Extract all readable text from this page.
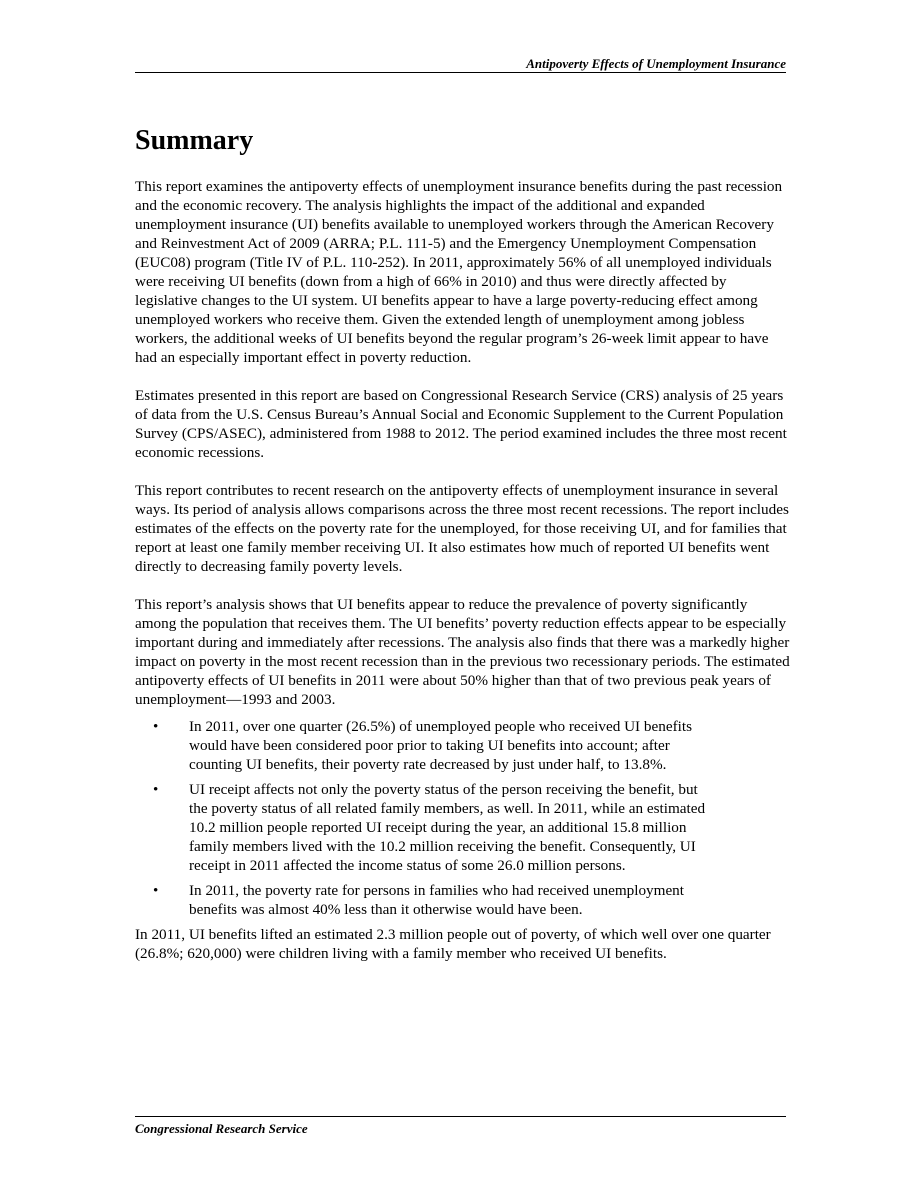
Antipoverty Effects of Unemployment Insurance
Summary

This report examines the antipoverty effects of unemployment insurance benefits during the past recession and the economic recovery. The analysis highlights the impact of the additional and expanded unemployment insurance (UI) benefits available to unemployed workers through the American Recovery and Reinvestment Act of 2009 (ARRA; P.L. 111-5) and the Emergency Unemployment Compensation (EUC08) program (Title IV of P.L. 110-252). In 2011, approximately 56% of all unemployed individuals were receiving UI benefits (down from a high of 66% in 2010) and thus were directly affected by legislative changes to the UI system. UI benefits appear to have a large poverty-reducing effect among unemployed workers who receive them. Given the extended length of unemployment among jobless workers, the additional weeks of UI benefits beyond the regular program’s 26-week limit appear to have had an especially important effect in poverty reduction.

Estimates presented in this report are based on Congressional Research Service (CRS) analysis of 25 years of data from the U.S. Census Bureau’s Annual Social and Economic Supplement to the Current Population Survey (CPS/ASEC), administered from 1988 to 2012. The period examined includes the three most recent economic recessions.

This report contributes to recent research on the antipoverty effects of unemployment insurance in several ways. Its period of analysis allows comparisons across the three most recent recessions. The report includes estimates of the effects on the poverty rate for the unemployed, for those receiving UI, and for families that report at least one family member receiving UI. It also estimates how much of reported UI benefits went directly to decreasing family poverty levels.

This report’s analysis shows that UI benefits appear to reduce the prevalence of poverty significantly among the population that receives them. The UI benefits’ poverty reduction effects appear to be especially important during and immediately after recessions. The analysis also finds that there was a markedly higher impact on poverty in the most recent recession than in the previous two recessionary periods. The estimated antipoverty effects of UI benefits in 2011 were about 50% higher than that of two previous peak years of unemployment—1993 and 2003.

• In 2011, over one quarter (26.5%) of unemployed people who received UI benefits would have been considered poor prior to taking UI benefits into account; after counting UI benefits, their poverty rate decreased by just under half, to 13.8%.
• UI receipt affects not only the poverty status of the person receiving the benefit, but the poverty status of all related family members, as well. In 2011, while an estimated 10.2 million people reported UI receipt during the year, an additional 15.8 million family members lived with the 10.2 million receiving the benefit. Consequently, UI receipt in 2011 affected the income status of some 26.0 million persons.
• In 2011, the poverty rate for persons in families who had received unemployment benefits was almost 40% less than it otherwise would have been.

In 2011, UI benefits lifted an estimated 2.3 million people out of poverty, of which well over one quarter (26.8%; 620,000) were children living with a family member who received UI benefits.

Congressional Research Service
